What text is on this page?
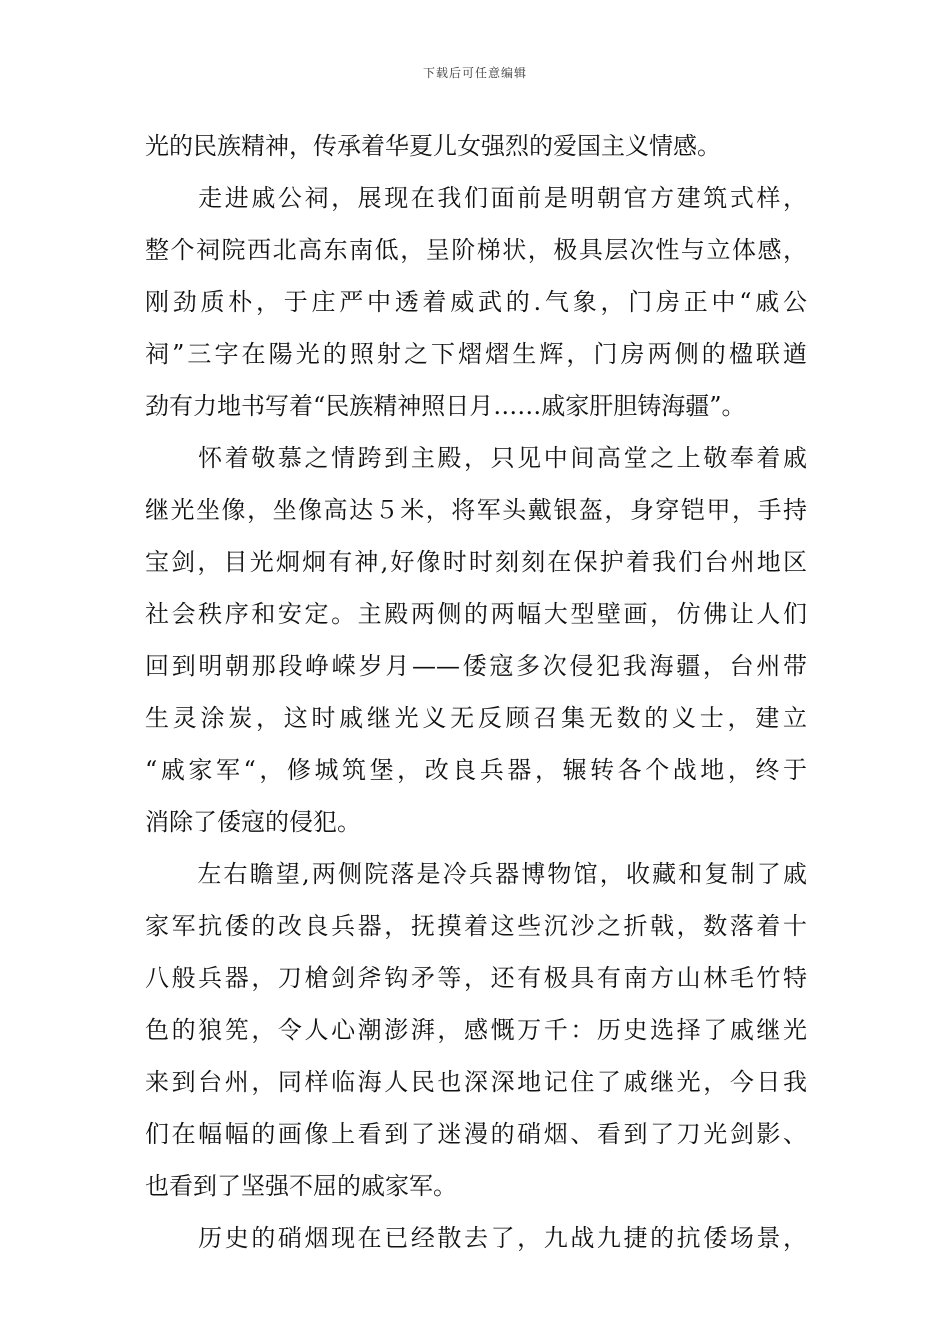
下载后可任意编辑
光的民族精神，传承着华夏儿女强烈的爱国主义情感。
　　走进戚公祠，展现在我们面前是明朝官方建筑式样，
整个祠院西北高东南低，呈阶梯状，极具层次性与立体感，
刚劲质朴，于庄严中透着威武的.气象，门房正中“戚公
祠”三字在陽光的照射之下熠熠生辉，门房两侧的楹联遒
劲有力地书写着“民族精神照日月……戚家肝胆铸海疆”。
　　怀着敬慕之情跨到主殿，只见中间高堂之上敬奉着戚
继光坐像，坐像高达５米，将军头戴银盔，身穿铠甲，手持
宝剑，目光炯炯有神,好像时时刻刻在保护着我们台州地区
社会秩序和安定。主殿两侧的两幅大型壁画，仿佛让人们
回到明朝那段峥嵘岁月——倭寇多次侵犯我海疆，台州带
生灵涂炭，这时戚继光义无反顾召集无数的义士，建立
“戚家军“，修城筑堡，改良兵器，辗转各个战地，终于
消除了倭寇的侵犯。
　　左右瞻望,两侧院落是冷兵器博物馆，收藏和复制了戚
家军抗倭的改良兵器，抚摸着这些沉沙之折戟，数落着十
八般兵器，刀槍剑斧钩矛等，还有极具有南方山林毛竹特
色的狼筅，令人心潮澎湃，感慨万千：历史选择了戚继光
来到台州，同样临海人民也深深地记住了戚继光，今日我
们在幅幅的画像上看到了迷漫的硝烟、看到了刀光剑影、
也看到了坚强不屈的戚家军。
　　历史的硝烟现在已经散去了，九战九捷的抗倭场景，
